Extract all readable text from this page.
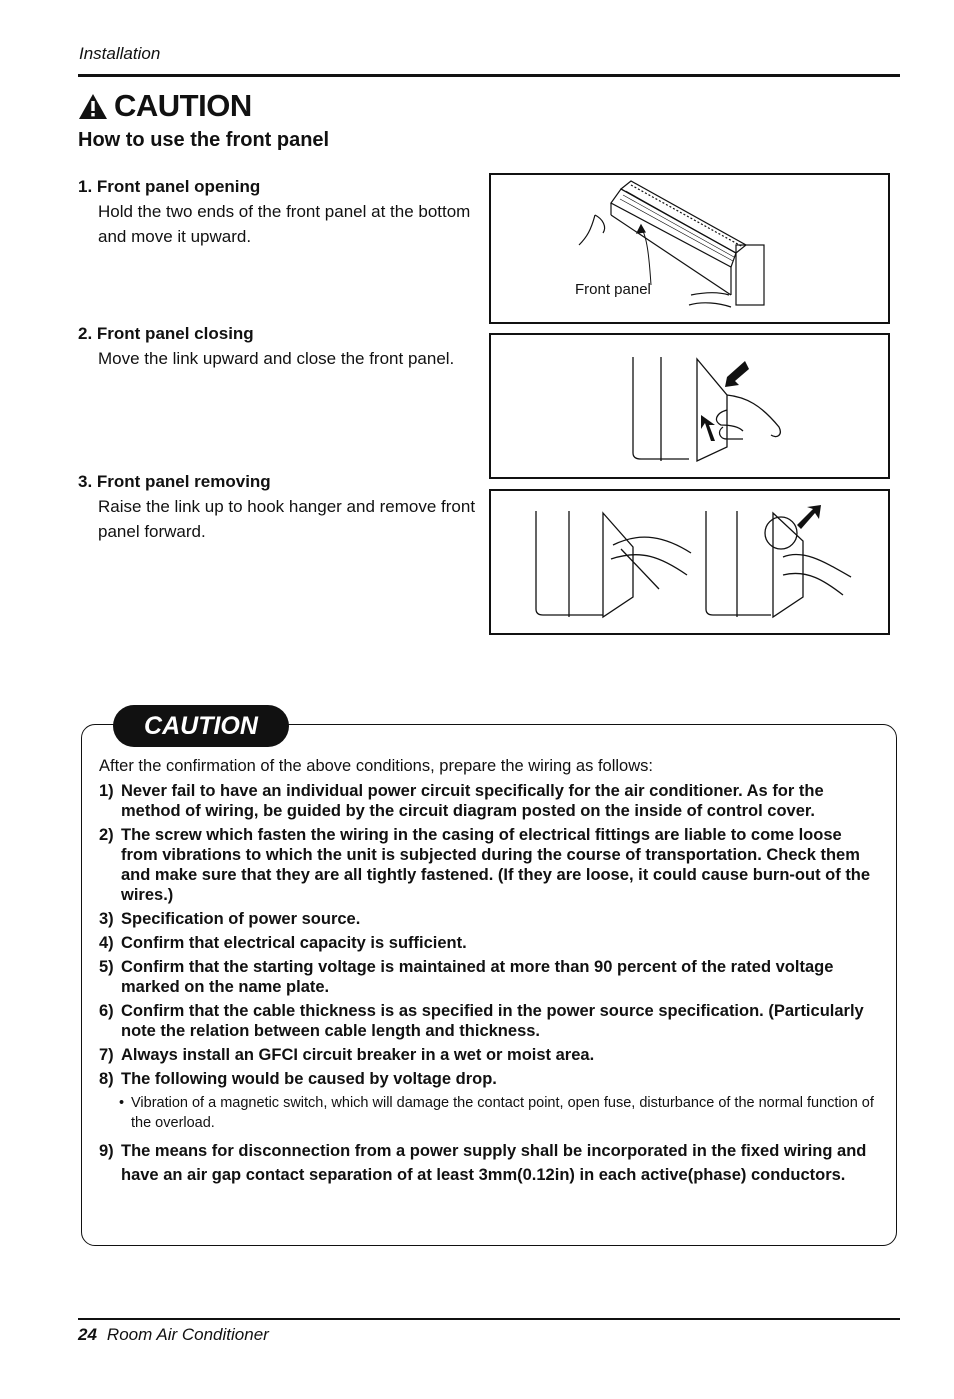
Installation
CAUTION
How to use the front panel
1. Front panel opening
Hold the two ends of the front panel at the bottom and move it upward.
2. Front panel closing
Move the link upward and close the front panel.
3. Front panel removing
Raise the link up to hook hanger and remove front panel forward.
Front panel
CAUTION
After the confirmation of the above conditions, prepare the wiring as follows:
1) Never fail to have an individual power circuit specifically for the air conditioner. As for the method of wiring, be guided by the circuit diagram posted on the inside of control cover.
2) The screw which fasten the wiring in the casing of electrical fittings are liable to come loose from vibrations to which the unit is subjected during the course of transportation. Check them and make sure that they are all tightly fastened. (If they are loose, it could cause burn-out of the wires.)
3) Specification of power source.
4) Confirm that electrical capacity is sufficient.
5) Confirm that the starting voltage is maintained at more than 90 percent of the rated voltage marked on the name plate.
6) Confirm that the cable thickness is as specified in the power source specification. (Particularly note the relation between cable length and thickness.
7) Always install an GFCI circuit breaker in a wet or moist area.
8) The following would be caused by voltage drop.
• Vibration of a magnetic switch, which will damage the contact point, open fuse, disturbance of the normal function of the overload.
9) The means for disconnection from a power supply shall be incorporated in the fixed wiring and have an air gap contact separation of at least 3mm(0.12in) in each active(phase) conductors.
24 Room Air Conditioner
